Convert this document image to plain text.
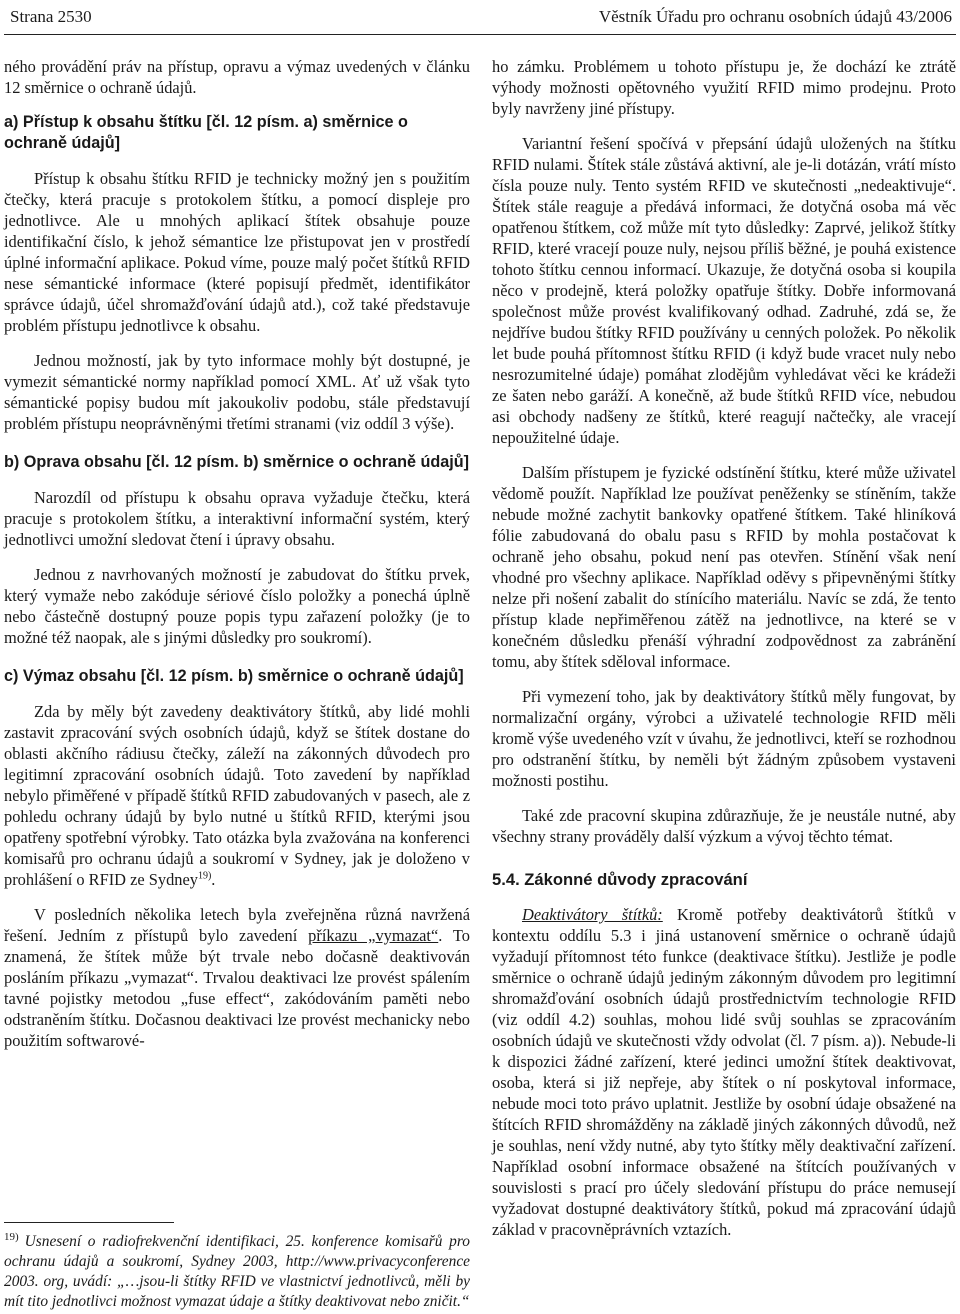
Strana 2530	Věstník Úřadu pro ochranu osobních údajů 43/2006

ného provádění práv na přístup, opravu a výmaz uvedených v článku 12 směrnice o ochraně údajů.

a) Přístup k obsahu štítku [čl. 12 písm. a) směrnice o ochraně údajů]

Přístup k obsahu štítku RFID je technicky možný jen s použitím čtečky, která pracuje s protokolem štítku, a pomocí displeje pro jednotlivce. Ale u mnohých aplikací štítek obsahuje pouze identifikační číslo, k jehož sémantice lze přistupovat jen v prostředí úplné informační aplikace. Pokud víme, pouze malý počet štítků RFID nese sémantické informace (které popisují předmět, identifikátor správce údajů, účel shromažďování údajů atd.), což také představuje problém přístupu jednotlivce k obsahu.

Jednou možností, jak by tyto informace mohly být dostupné, je vymezit sémantické normy například pomocí XML. Ať už však tyto sémantické popisy budou mít jakoukoliv podobu, stále představují problém přístupu neoprávněnými třetími stranami (viz oddíl 3 výše).

b) Oprava obsahu [čl. 12 písm. b) směrnice o ochraně údajů]

Narozdíl od přístupu k obsahu oprava vyžaduje čtečku, která pracuje s protokolem štítku, a interaktivní informační systém, který jednotlivci umožní sledovat čtení i úpravy obsahu.

Jednou z navrhovaných možností je zabudovat do štítku prvek, který vymaže nebo zakóduje sériové číslo položky a ponechá úplně nebo částečně dostupný pouze popis typu zařazení položky (je to možné též naopak, ale s jinými důsledky pro soukromí).

c) Výmaz obsahu [čl. 12 písm. b) směrnice o ochraně údajů]

Zda by měly být zavedeny deaktivátory štítků, aby lidé mohli zastavit zpracování svých osobních údajů, když se štítek dostane do oblasti akčního rádiusu čtečky, záleží na zákonných důvodech pro legitimní zpracování osobních údajů. Toto zavedení by například nebylo přiměřené v případě štítků RFID zabudovaných v pasech, ale z pohledu ochrany údajů by bylo nutné u štítků RFID, kterými jsou opatřeny spotřební výrobky. Tato otázka byla zvažována na konferenci komisařů pro ochranu údajů a soukromí v Sydney, jak je doloženo v prohlášení o RFID ze Sydney$^{19)}$.

V posledních několika letech byla zveřejněna různá navržená řešení. Jedním z přístupů bylo zavedení příkazu „vymazat“. To znamená, že štítek může být trvale nebo dočasně deaktivován posláním příkazu „vymazat“. Trvalou deaktivaci lze provést spálením tavné pojistky metodou „fuse effect“, zakódováním paměti nebo odstraněním štítku. Dočasnou deaktivaci lze provést mechanicky nebo použitím softwarové-

ho zámku. Problémem u tohoto přístupu je, že dochází ke ztrátě výhody možnosti opětovného využití RFID mimo prodejnu. Proto byly navrženy jiné přístupy.

Variantní řešení spočívá v přepsání údajů uložených na štítku RFID nulami. Štítek stále zůstává aktivní, ale je-li dotázán, vrátí místo čísla pouze nuly. Tento systém RFID ve skutečnosti „nedeaktivuje“. Štítek stále reaguje a předává informaci, že dotyčná osoba má věc opatřenou štítkem, což může mít tyto důsledky: Zaprvé, jelikož štítky RFID, které vracejí pouze nuly, nejsou příliš běžné, je pouhá existence tohoto štítku cennou informací. Ukazuje, že dotyčná osoba si koupila něco v prodejně, která položky opatřuje štítky. Dobře informovaná společnost může provést kvalifikovaný odhad. Zadruhé, zdá se, že nejdříve budou štítky RFID používány u cenných položek. Po několik let bude pouhá přítomnost štítku RFID (i když bude vracet nuly nebo nesrozumitelné údaje) pomáhat zlodějům vyhledávat věci ke krádeži ze šaten nebo garáží. A konečně, až bude štítků RFID více, nebudou asi obchody nadšeny ze štítků, které reagují načtečky, ale vracejí nepoužitelné údaje.

Dalším přístupem je fyzické odstínění štítku, které může uživatel vědomě použít. Například lze používat peněženky se stíněním, takže nebude možné zachytit bankovky opatřené štítkem. Také hliníková fólie zabudovaná do obalu pasu s RFID by mohla postačovat k ochraně jeho obsahu, pokud není pas otevřen. Stínění však není vhodné pro všechny aplikace. Například oděvy s připevněnými štítky nelze při nošení zabalit do stínícího materiálu. Navíc se zdá, že tento přístup klade nepřiměřenou zátěž na jednotlivce, na které se v konečném důsledku přenáší výhradní zodpovědnost za zabránění tomu, aby štítek sděloval informace.

Při vymezení toho, jak by deaktivátory štítků měly fungovat, by normalizační orgány, výrobci a uživatelé technologie RFID měli kromě výše uvedeného vzít v úvahu, že jednotlivci, kteří se rozhodnou pro odstranění štítku, by neměli být žádným způsobem vystaveni možnosti postihu.

Také zde pracovní skupina zdůrazňuje, že je neustále nutné, aby všechny strany prováděly další výzkum a vývoj těchto témat.

5.4. Zákonné důvody zpracování

Deaktivátory štítků: Kromě potřeby deaktivátorů štítků v kontextu oddílu 5.3 i jiná ustanovení směrnice o ochraně údajů vyžadují přítomnost této funkce (deaktivace štítku). Jestliže je podle směrnice o ochraně údajů jediným zákonným důvodem pro legitimní shromažďování osobních údajů prostřednictvím technologie RFID (viz oddíl 4.2) souhlas, mohou lidé svůj souhlas se zpracováním osobních údajů ve skutečnosti vždy odvolat (čl. 7 písm. a)). Nebude-li k dispozici žádné zařízení, které jedinci umožní štítek deaktivovat, osoba, která si již nepřeje, aby štítek o ní poskytoval informace, nebude moci toto právo uplatnit. Jestliže by osobní údaje obsažené na štítcích RFID shromážděny na základě jiných zákonných důvodů, než je souhlas, není vždy nutné, aby tyto štítky měly deaktivační zařízení. Například osobní informace obsažené na štítcích používaných v souvislosti s prací pro účely sledování přístupu do práce nemusejí vyžadovat dostupné deaktivátory štítků, pokud má zpracování údajů základ v pracovněprávních vztazích.

$^{19)}$ Usnesení o radiofrekvenční identifikaci, 25. konference komisařů pro ochranu údajů a soukromí, Sydney 2003, http://www.privacyconference 2003. org, uvádí: „…jsou-li štítky RFID ve vlastnictví jednotlivců, měli by mít tito jednotlivci možnost vymazat údaje a štítky deaktivovat nebo zničit.“
